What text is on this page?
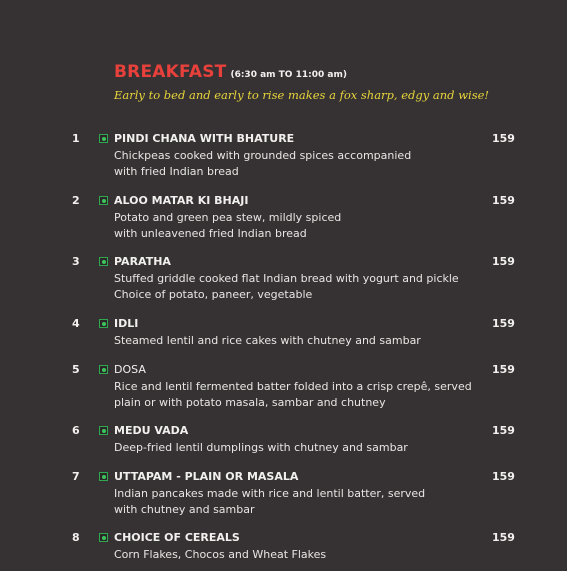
BREAKFAST (6:30 am TO 11:00 am)
Early to bed and early to rise makes a fox sharp, edgy and wise!
1	PINDI CHANA WITH BHATURE
Chickpeas cooked with grounded spices accompanied
with fried Indian bread
159
2	ALOO MATAR KI BHAJI
Potato and green pea stew, mildly spiced
with unleavened fried Indian bread
159
3	PARATHA
Stuffed griddle cooked flat Indian bread with yogurt and pickle
Choice of potato, paneer, vegetable
159
4	IDLI
Steamed lentil and rice cakes with chutney and sambar
159
5	DOSA
Rice and lentil fermented batter folded into a crisp crepê, served
plain or with potato masala, sambar and chutney
159
6	MEDU VADA
Deep-fried lentil dumplings with chutney and sambar
159
7	UTTAPAM - PLAIN OR MASALA
Indian pancakes made with rice and lentil batter, served
with chutney and sambar
159
8	CHOICE OF CEREALS
Corn Flakes, Chocos and Wheat Flakes
159
